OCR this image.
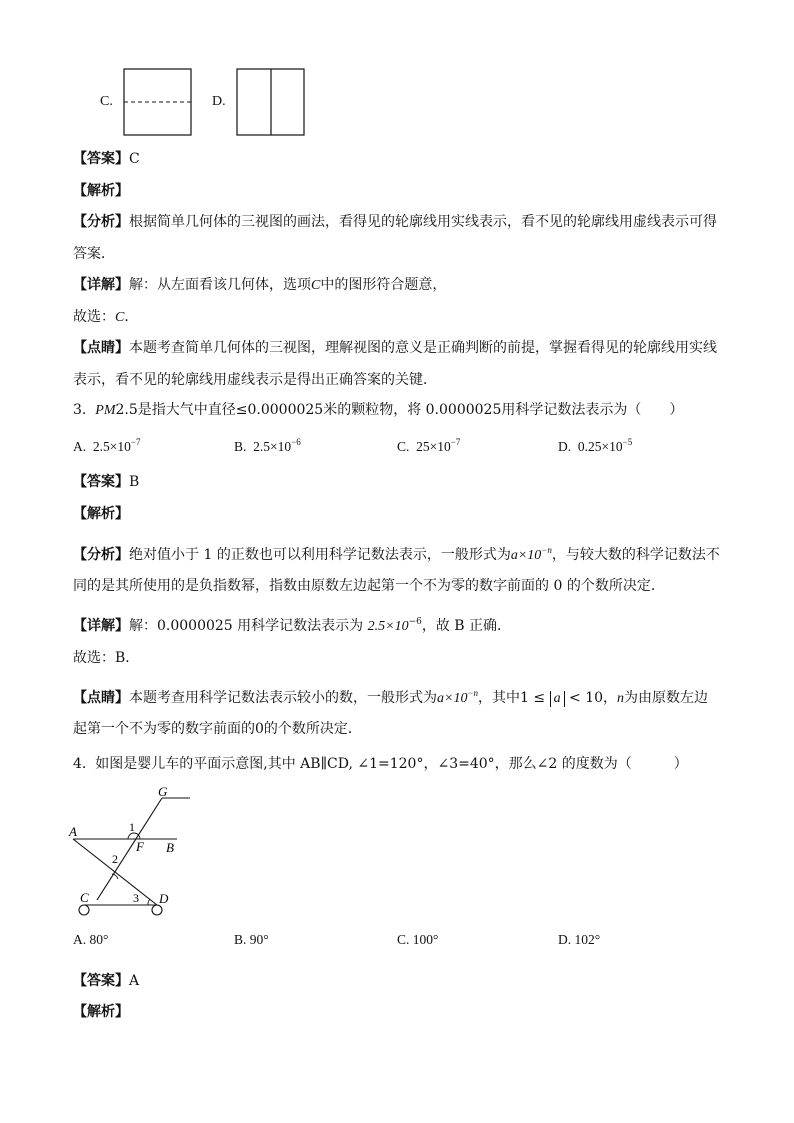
C.	D.
【答案】C
【解析】
【分析】根据简单几何体的三视图的画法，看得见的轮廓线用实线表示，看不见的轮廓线用虚线表示可得
答案．
【详解】解：从左面看该几何体，选项C中的图形符合题意，
故选：C．
【点睛】本题考查简单几何体的三视图，理解视图的意义是正确判断的前提，掌握看得见的轮廓线用实线
表示，看不见的轮廓线用虚线表示是得出正确答案的关键．
3. PM2.5是指大气中直径≤0.0000025米的颗粒物，将 0.0000025用科学记数法表示为（　　）
A. $2.5\times 10^{-7}$	B. $2.5\times 10^{-6}$	C. $25\times 10^{-7}$	D. $0.25\times 10^{-5}$
【答案】B
【解析】
【分析】绝对值小于 1 的正数也可以利用科学记数法表示，一般形式为$a\times 10^{-n}$，与较大数的科学记数法不
同的是其所使用的是负指数幂，指数由原数左边起第一个不为零的数字前面的 0 的个数所决定．
【详解】解：0.0000025 用科学记数法表示为 $2.5\times 10^{-6}$，故 B 正确．
故选：B．
【点睛】本题考查用科学记数法表示较小的数，一般形式为$a\times 10^{-n}$，其中1 ≤ a < 10，n为由原数左边
起第一个不为零的数字前面的0的个数所决定．
4. 如图是婴儿车的平面示意图,其中 AB∥CD, ∠1=120°，∠3=40°，那么∠2 的度数为（　　　）
G
A	1
F B
2
C	3 D
A. 80°	B. 90°	C. 100°	D. 102°
【答案】A
【解析】
